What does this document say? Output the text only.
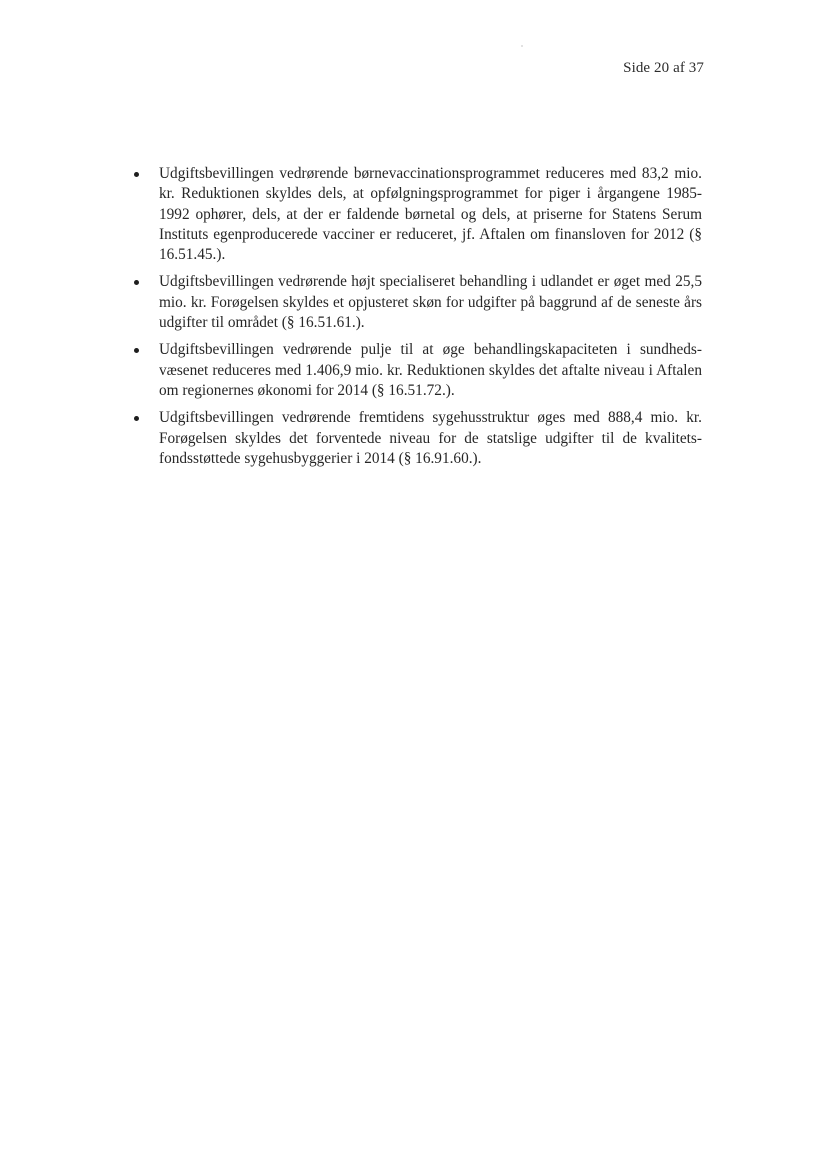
Side 20 af 37
Udgiftsbevillingen vedrørende børnevaccinationsprogrammet reduceres med 83,2 mio. kr. Reduktionen skyldes dels, at opfølgningsprogrammet for piger i årgangene 1985-1992 ophører, dels, at der er faldende børnetal og dels, at priserne for Statens Serum Instituts egenproducerede vacciner er reduceret, jf. Aftalen om finansloven for 2012 (§ 16.51.45.).
Udgiftsbevillingen vedrørende højt specialiseret behandling i udlandet er øget med 25,5 mio. kr. Forøgelsen skyldes et opjusteret skøn for udgifter på baggrund af de seneste års udgifter til området (§ 16.51.61.).
Udgiftsbevillingen vedrørende pulje til at øge behandlingskapaciteten i sundhedsvæsenet reduceres med 1.406,9 mio. kr. Reduktionen skyldes det aftalte niveau i Aftalen om regionernes økonomi for 2014 (§ 16.51.72.).
Udgiftsbevillingen vedrørende fremtidens sygehusstruktur øges med 888,4 mio. kr. Forøgelsen skyldes det forventede niveau for de statslige udgifter til de kvalitetsfondsstøttede sygehusbyggerier i 2014 (§ 16.91.60.).
